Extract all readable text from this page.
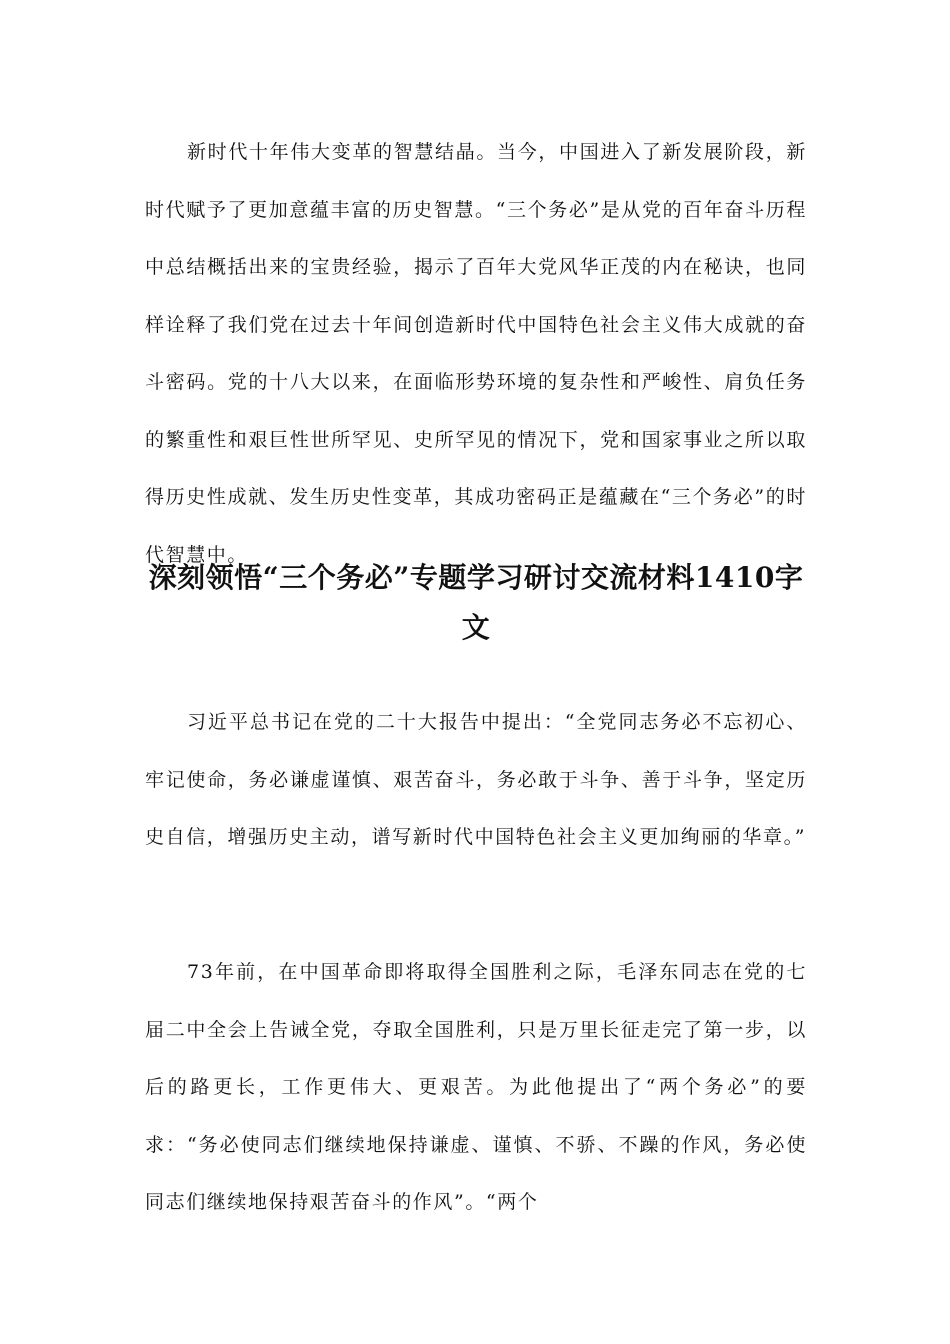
新时代十年伟大变革的智慧结晶。当今，中国进入了新发展阶段，新时代赋予了更加意蕴丰富的历史智慧。“三个务必”是从党的百年奋斗历程中总结概括出来的宝贵经验，揭示了百年大党风华正茂的内在秘诀，也同样诠释了我们党在过去十年间创造新时代中国特色社会主义伟大成就的奋斗密码。党的十八大以来，在面临形势环境的复杂性和严峻性、肩负任务的繁重性和艰巨性世所罕见、史所罕见的情况下，党和国家事业之所以取得历史性成就、发生历史性变革，其成功密码正是蕴藏在“三个务必”的时代智慧中。

深刻领悟“三个务必”专题学习研讨交流材料1410字文

习近平总书记在党的二十大报告中提出：“全党同志务必不忘初心、牢记使命，务必谦虚谨慎、艰苦奋斗，务必敢于斗争、善于斗争，坚定历史自信，增强历史主动，谱写新时代中国特色社会主义更加绚丽的华章。”

73年前，在中国革命即将取得全国胜利之际，毛泽东同志在党的七届二中全会上告诫全党，夺取全国胜利，只是万里长征走完了第一步，以后的路更长，工作更伟大、更艰苦。为此他提出了“两个务必”的要求：“务必使同志们继续地保持谦虚、谨慎、不骄、不躁的作风，务必使同志们继续地保持艰苦奋斗的作风”。“两个
